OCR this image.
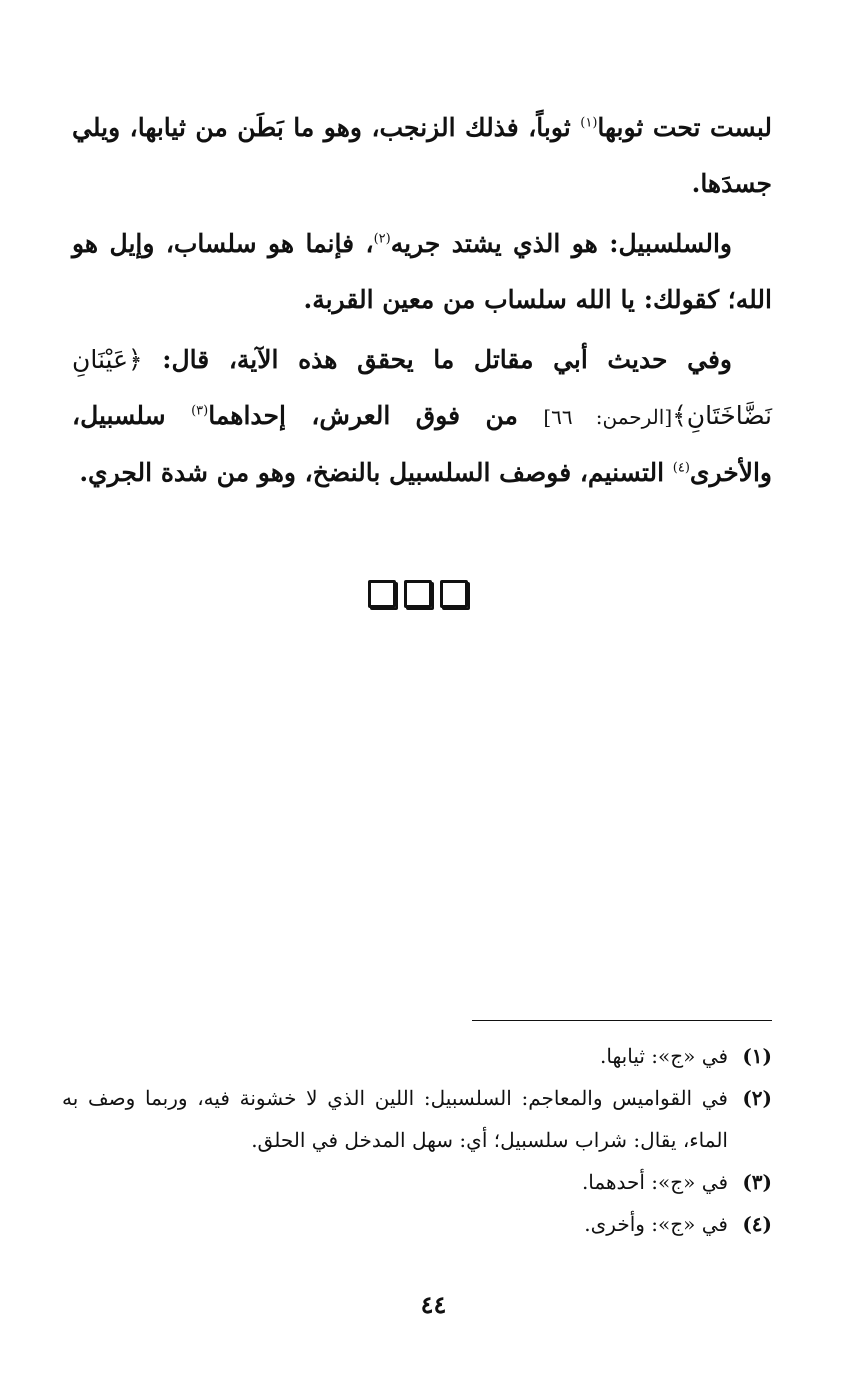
لبست تحت ثوبها$^{(١)}$ ثوباً، فذلك الزنجب، وهو ما بَطَن من ثيابها، ويلي جسدَها.

والسلسبيل: هو الذي يشتد جريه$^{(٢)}$، فإنما هو سلساب، وإيل هو الله؛ كقولك: يا الله سلساب من معين القربة.

وفي حديث أبي مقاتل ما يحقق هذه الآية، قال: ﴿عَيْنَانِ نَضَّاخَتَانِ﴾[الرحمن: ٦٦] من فوق العرش، إحداهما$^{(٣)}$ سلسبيل، والأخرى$^{(٤)}$ التسنيم، فوصف السلسبيل بالنضخ، وهو من شدة الجري.

(١)
في «ج»: ثيابها.
(٢)
في القواميس والمعاجم: السلسبيل: اللين الذي لا خشونة فيه، وربما وصف به الماء، يقال: شراب سلسبيل؛ أي: سهل المدخل في الحلق.
(٣)
في «ج»: أحدهما.
(٤)
في «ج»: وأخرى.
٤٤
